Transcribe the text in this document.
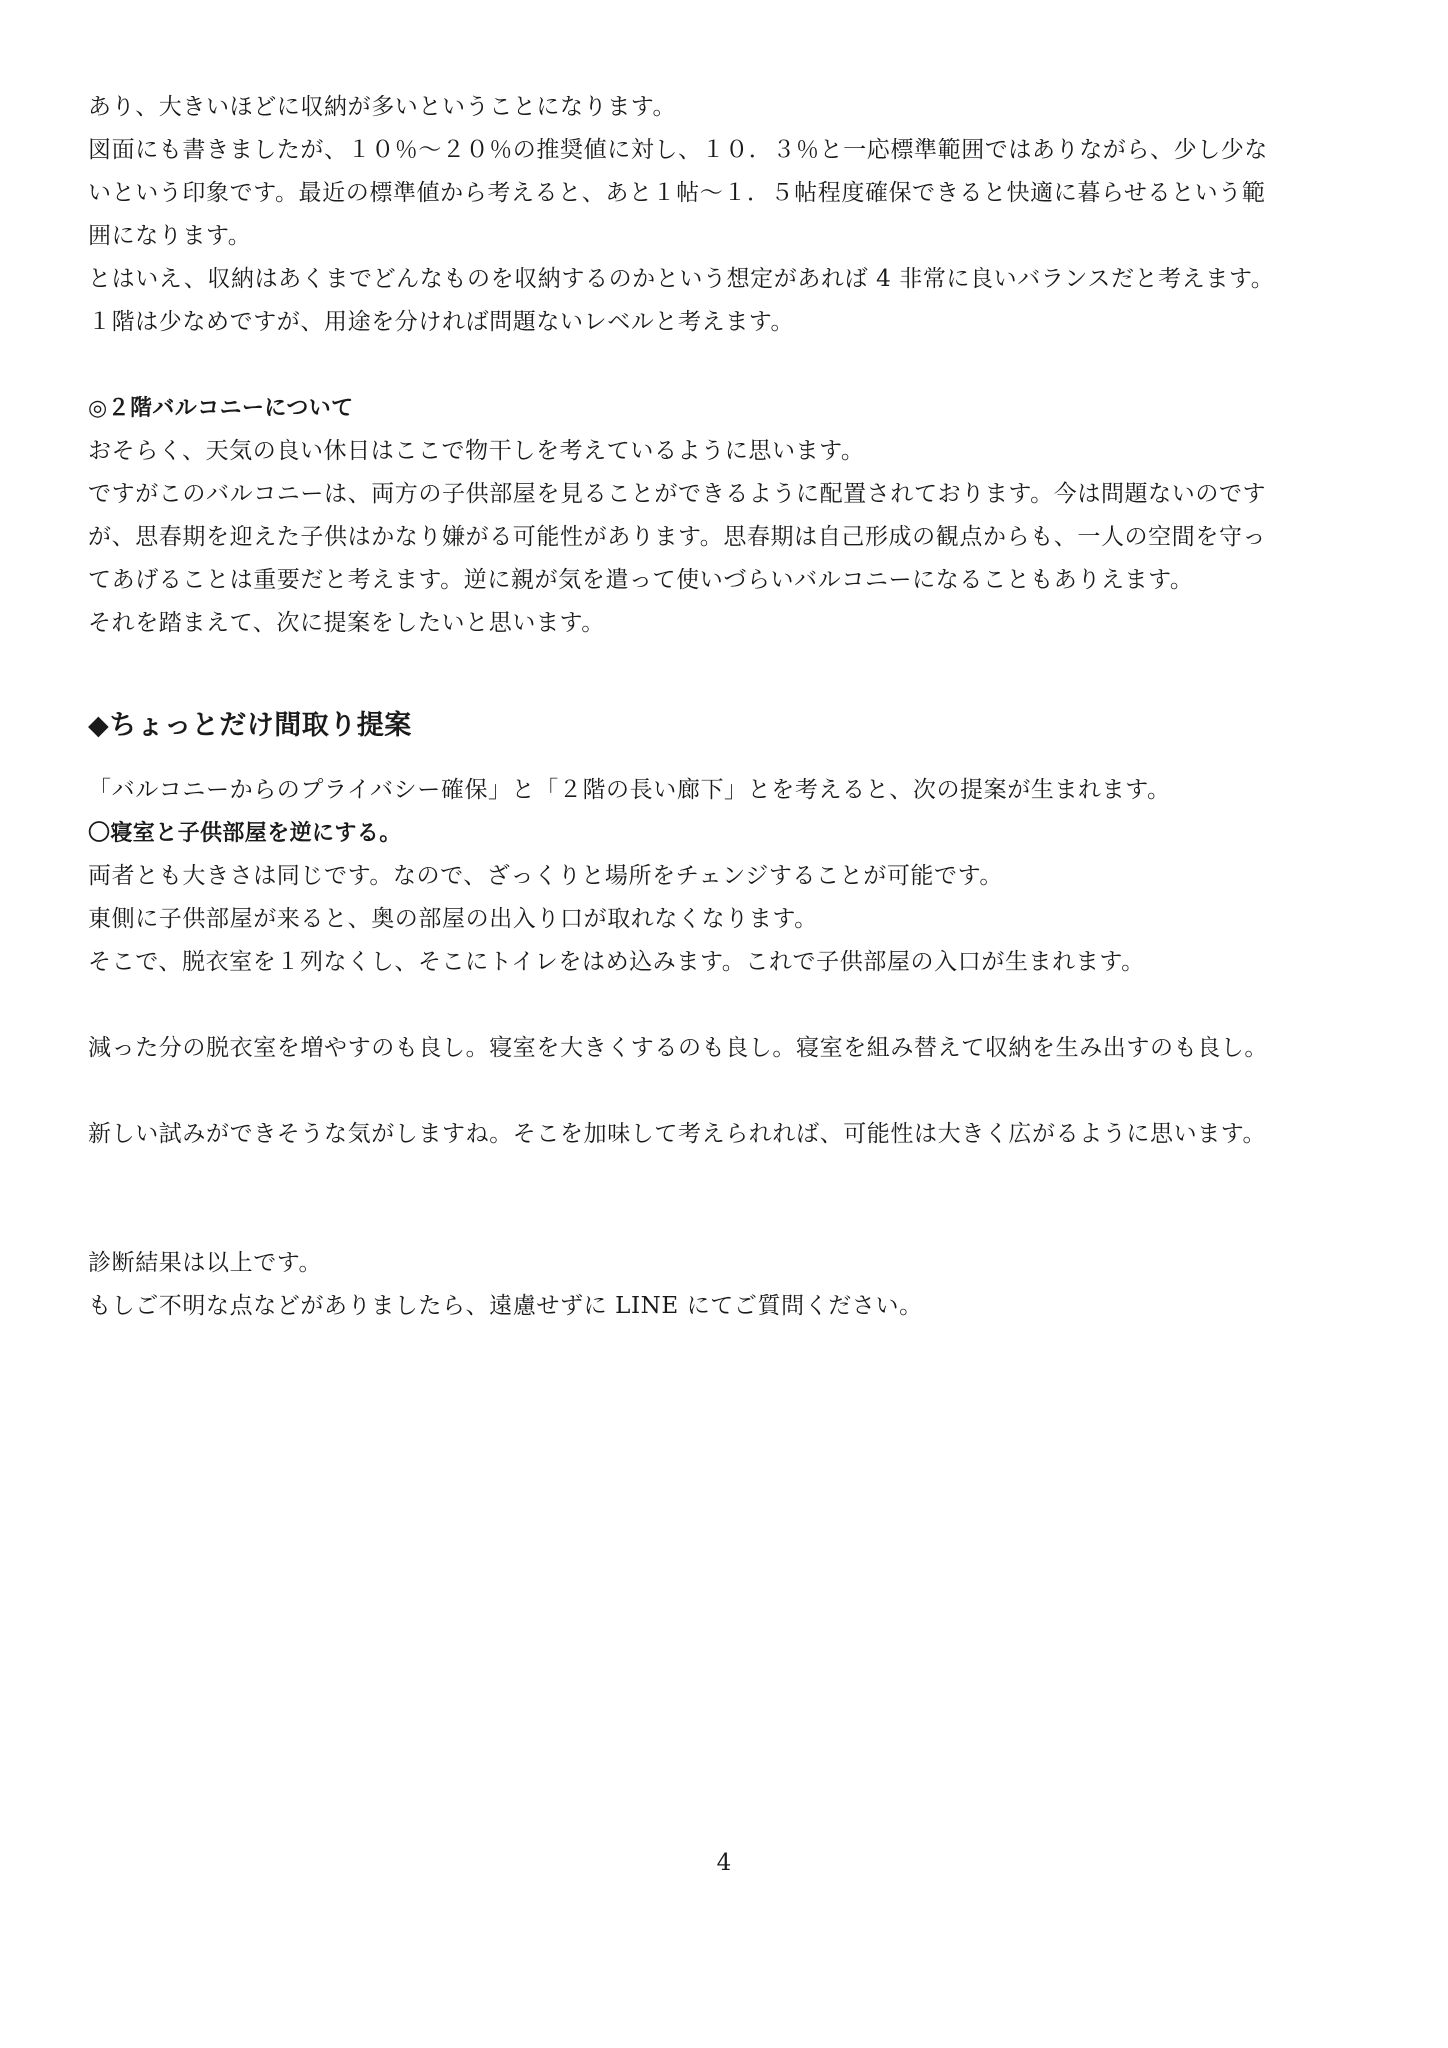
あり、大きいほどに収納が多いということになります。

図面にも書きましたが、１０％～２０％の推奨値に対し、１０．３％と一応標準範囲ではありながら、少し少な

いという印象です。最近の標準値から考えると、あと１帖～１．５帖程度確保できると快適に暮らせるという範

囲になります。

とはいえ、収納はあくまでどんなものを収納するのかという想定があれば 4 非常に良いバランスだと考えます。

１階は少なめですが、用途を分ければ問題ないレベルと考えます。

◎２階バルコニーについて

おそらく、天気の良い休日はここで物干しを考えているように思います。

ですがこのバルコニーは、両方の子供部屋を見ることができるように配置されております。今は問題ないのです

が、思春期を迎えた子供はかなり嫌がる可能性があります。思春期は自己形成の観点からも、一人の空間を守っ

てあげることは重要だと考えます。逆に親が気を遣って使いづらいバルコニーになることもありえます。

それを踏まえて、次に提案をしたいと思います。

◆ちょっとだけ間取り提案

「バルコニーからのプライバシー確保」と「２階の長い廊下」とを考えると、次の提案が生まれます。

〇寝室と子供部屋を逆にする。

両者とも大きさは同じです。なので、ざっくりと場所をチェンジすることが可能です。

東側に子供部屋が来ると、奥の部屋の出入り口が取れなくなります。

そこで、脱衣室を１列なくし、そこにトイレをはめ込みます。これで子供部屋の入口が生まれます。

減った分の脱衣室を増やすのも良し。寝室を大きくするのも良し。寝室を組み替えて収納を生み出すのも良し。

新しい試みができそうな気がしますね。そこを加味して考えられれば、可能性は大きく広がるように思います。

診断結果は以上です。

もしご不明な点などがありましたら、遠慮せずに LINE にてご質問ください。

4
